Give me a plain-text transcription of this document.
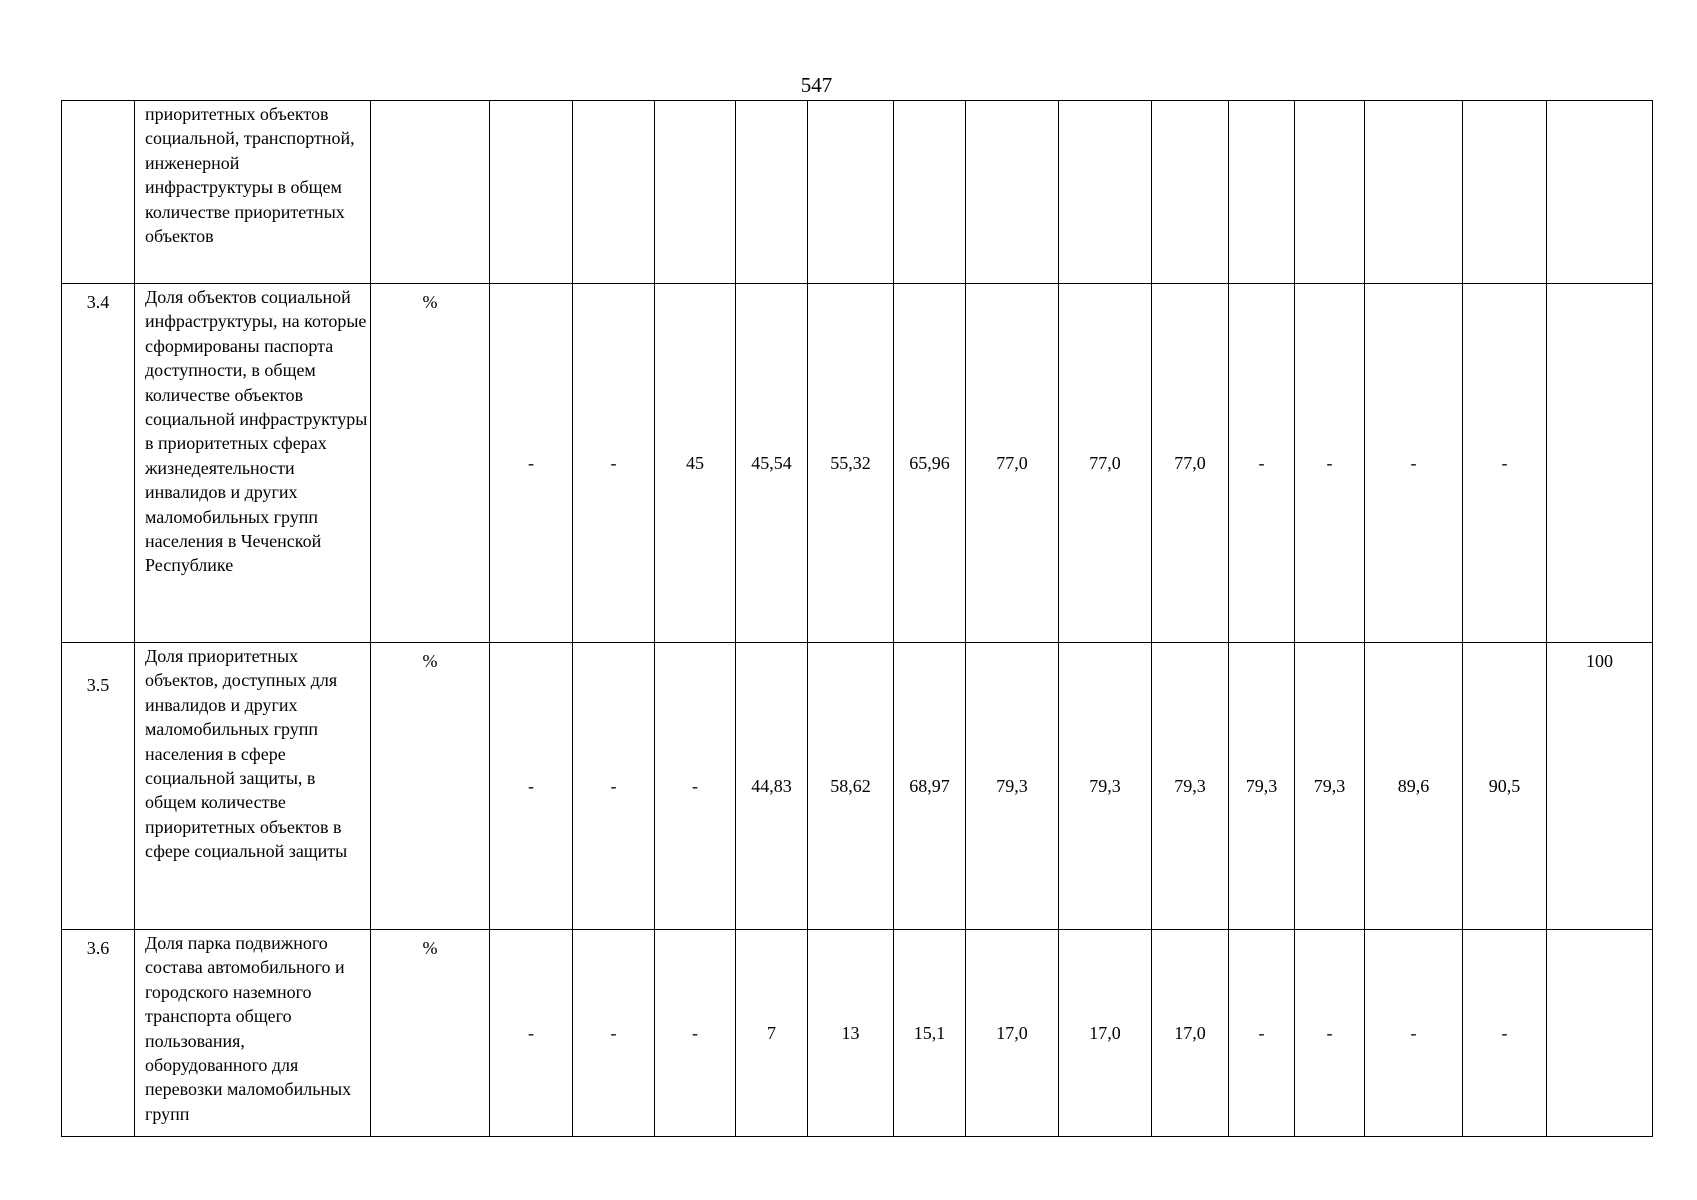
547
	приоритетных объектов социальной, транспортной, инженерной инфраструктуры в общем количестве приоритетных объектов															
3.4	Доля объектов социальной инфраструктуры, на которые сформированы паспорта доступности, в общем количестве объектов социальной инфраструктуры в приоритетных сферах жизнедеятельности инвалидов и других маломобильных групп населения в Чеченской Республике	%	-	-	45	45,54	55,32	65,96	77,0	77,0	77,0	-	-	-	-	
3.5	Доля приоритетных объектов, доступных для инвалидов и других маломобильных групп населения в сфере социальной защиты, в общем количестве приоритетных объектов в сфере социальной защиты	%	-	-	-	44,83	58,62	68,97	79,3	79,3	79,3	79,3	79,3	89,6	90,5	100
3.6	Доля парка подвижного состава автомобильного и городского наземного транспорта общего пользования, оборудованного для перевозки маломобильных групп	%	-	-	-	7	13	15,1	17,0	17,0	17,0	-	-	-	-	
